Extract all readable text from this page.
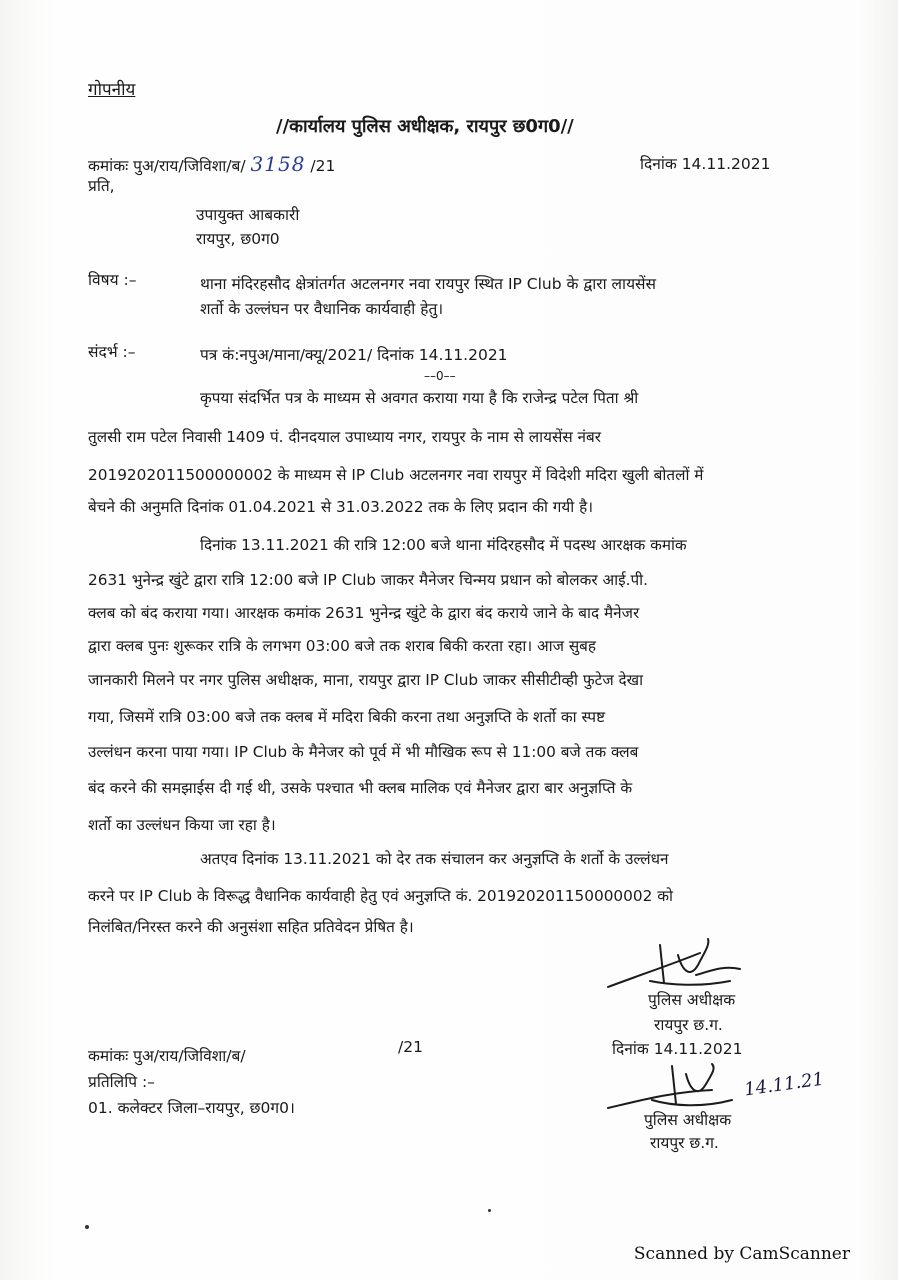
गोपनीय
//कार्यालय पुलिस अधीक्षक, रायपुर छ0ग0//
कमांकः पुअ/राय/जिविशा/ब/ 3158 /21	दिनांक 14.11.2021
प्रति,
उपायुक्त आबकारी
रायपुर, छ0ग0
विषय :–	थाना मंदिरहसौद क्षेत्रांतर्गत अटलनगर नवा रायपुर स्थित IP Club के द्वारा लायसेंस
शर्तो के उल्लंघन पर वैधानिक कार्यवाही हेतु।
संदर्भ :–	पत्र कं:नपुअ/माना/क्यू/2021/ दिनांक 14.11.2021
––0––
कृपया संदर्भित पत्र के माध्यम से अवगत कराया गया है कि राजेन्द्र पटेल पिता श्री
तुलसी राम पटेल निवासी 1409 पं. दीनदयाल उपाध्याय नगर, रायपुर के नाम से लायसेंस नंबर
2019202011500000002 के माध्यम से IP Club अटलनगर नवा रायपुर में विदेशी मदिरा खुली बोतलों में
बेचने की अनुमति दिनांक 01.04.2021 से 31.03.2022 तक के लिए प्रदान की गयी है।
दिनांक 13.11.2021 की रात्रि 12:00 बजे थाना मंदिरहसौद में पदस्थ आरक्षक कमांक
2631 भुनेन्द्र खुंटे द्वारा रात्रि 12:00 बजे IP Club जाकर मैनेजर चिन्मय प्रधान को बोलकर आई.पी.
क्लब को बंद कराया गया। आरक्षक कमांक 2631 भुनेन्द्र खुंटे के द्वारा बंद कराये जाने के बाद मैनेजर
द्वारा क्लब पुनः शुरूकर रात्रि के लगभग 03:00 बजे तक शराब बिकी करता रहा। आज सुबह
जानकारी मिलने पर नगर पुलिस अधीक्षक, माना, रायपुर द्वारा IP Club जाकर सीसीटीव्ही फुटेज देखा
गया, जिसमें रात्रि 03:00 बजे तक क्लब में मदिरा बिकी करना तथा अनुज्ञप्ति के शर्तो का स्पष्ट
उल्लंधन करना पाया गया। IP Club के मैनेजर को पूर्व में भी मौखिक रूप से 11:00 बजे तक क्लब
बंद करने की समझाईस दी गई थी, उसके पश्चात भी क्लब मालिक एवं मैनेजर द्वारा बार अनुज्ञप्ति के
शर्तो का उल्लंधन किया जा रहा है।
अतएव दिनांक 13.11.2021 को देर तक संचालन कर अनुज्ञप्ति के शर्तो के उल्लंधन
करने पर IP Club के विरूद्ध वैधानिक कार्यवाही हेतु एवं अनुज्ञप्ति कं. 201920201150000002 को
निलंबित/निरस्त करने की अनुसंशा सहित प्रतिवेदन प्रेषित है।
पुलिस अधीक्षक
रायपुर छ.ग.
दिनांक 14.11.2021
कमांकः पुअ/राय/जिविशा/ब/	/21
प्रतिलिपि :–
01. कलेक्टर जिला–रायपुर, छ0ग0।
14.11.21
पुलिस अधीक्षक
रायपुर छ.ग.
Scanned by CamScanner
